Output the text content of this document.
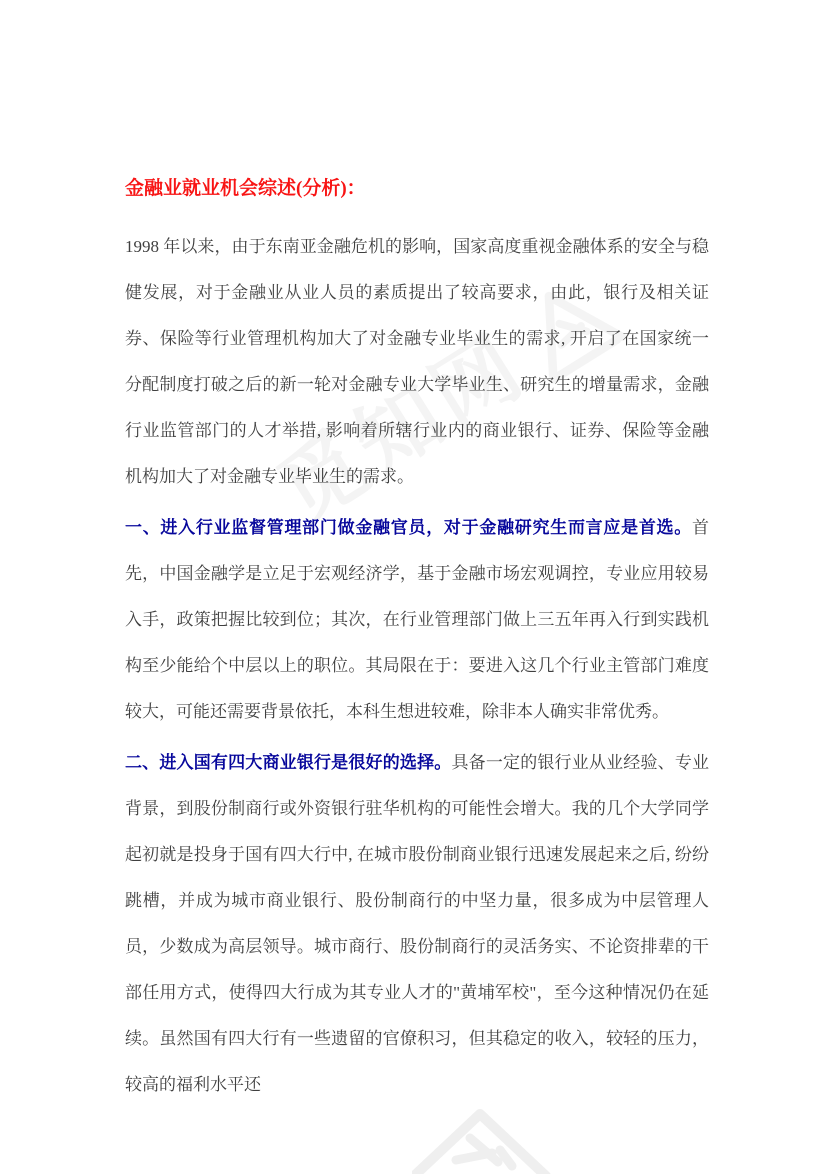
金融业就业机会综述(分析)：

1998 年以来，由于东南亚金融危机的影响，国家高度重视金融体系的安全与稳健发展，对于金融业从业人员的素质提出了较高要求，由此，银行及相关证券、保险等行业管理机构加大了对金融专业毕业生的需求, 开启了在国家统一分配制度打破之后的新一轮对金融专业大学毕业生、研究生的增量需求，金融行业监管部门的人才举措, 影响着所辖行业内的商业银行、证券、保险等金融机构加大了对金融专业毕业生的需求。

一、进入行业监督管理部门做金融官员，对于金融研究生而言应是首选。首先，中国金融学是立足于宏观经济学，基于金融市场宏观调控，专业应用较易入手，政策把握比较到位；其次，在行业管理部门做上三五年再入行到实践机构至少能给个中层以上的职位。其局限在于：要进入这几个行业主管部门难度较大，可能还需要背景依托，本科生想进较难，除非本人确实非常优秀。

二、进入国有四大商业银行是很好的选择。具备一定的银行业从业经验、专业背景，到股份制商行或外资银行驻华机构的可能性会增大。我的几个大学同学起初就是投身于国有四大行中, 在城市股份制商业银行迅速发展起来之后, 纷纷跳槽，并成为城市商业银行、股份制商行的中坚力量，很多成为中层管理人员，少数成为高层领导。城市商行、股份制商行的灵活务实、不论资排辈的干部任用方式，使得四大行成为其专业人才的"黄埔军校"，至今这种情况仍在延续。虽然国有四大行有一些遗留的官僚积习，但其稳定的收入，较轻的压力，较高的福利水平还
